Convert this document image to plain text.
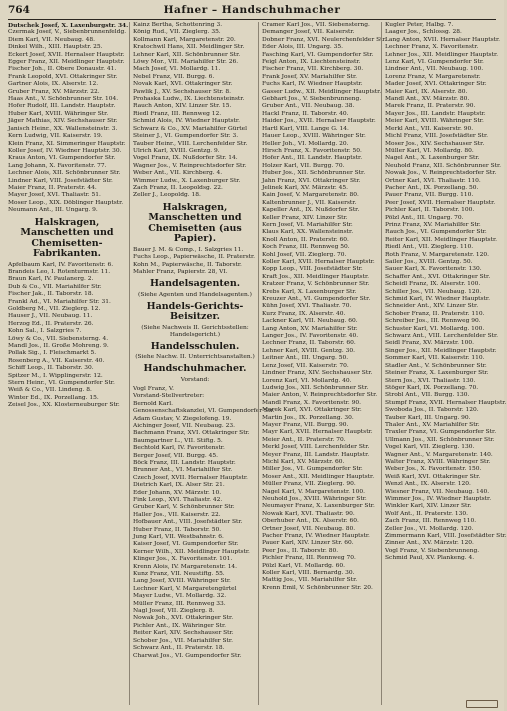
764	Hafner – Handschuhmacher
Dutschek Josef, X. Laxenburgstr. 34.
Czermak Josef, V., Siebenbrunnenfeldg.
Diem Karl, VII. Neubaug. 48.
Dinkel Wilh., XIII. Hauptstr. 25.
Eckert Josef, XVII. Hernalser Hauptstr.
Egger Franz, XII. Meidlinger Hauptstr.
Fischer Joh., II. Obere Donaustr. 41.
Frank Leopold, XVI. Ottakringer Str.
Gartner Alois, IX. Alserstr. 12.
Gruber Franz, XV. Märzstr. 22.
Haas Ant., V. Schönbrunner Str. 104.
Hofer Rudolf, III. Landstr. Hauptstr.
Huber Karl, XVIII. Währinger Str.
Jäger Mathias, XIV. Sechshauser Str.
Janisch Heinr., XX. Wallensteinstr. 3.
Kern Ludwig, VII. Kaiserstr. 19.
Klein Franz, XI. Simmeringer Hauptstr.
Koller Josef, IV. Wiedner Hauptstr. 30.
Kraus Anton, VI. Gumpendorfer Str.
Lang Johann, X. Favoritenstr. 77.
Lechner Alois, XII. Schönbrunner Str.
Lindner Karl, VIII. Josefstädter Str.
Maier Franz, II. Praterstr. 44.
Mayer Josef, XVI. Thaliastr. 51.
Moser Leop., XIX. Döblinger Hauptstr.
Neumann Ant., III. Ungarg. 9.
Halskragen, Manschetten und Chemisetten-Fabrikanten.
Apfelbaum Karl, IV. Favoritenstr. 6.
Brandeis Leo, I. Rotenturmstr. 11.
Braun Karl, IV. Paulanerg. 2.
Dub & Co., VII. Mariahilfer Str.
Fischer Jak., II. Taborstr. 18.
Frankl Ad., VI. Mariahilfer Str. 31.
Goldberg M., VII. Zieglerg. 12.
Hauser J., VII. Neubaug. 11.
Herzog Ed., II. Praterstr. 26.
Kohn Sal., I. Salzgries 7.
Löwy & Co., VII. Siebensterng. 4.
Mandl Jos., II. Große Mohreng. 9.
Pollak Sig., I. Fleischmarkt 5.
Rosenberg A., VII. Kaiserstr. 40.
Schiff Leop., II. Taborstr. 30.
Spitzer M., I. Wipplingerstr. 12.
Stern Heinr., VI. Gumpendorfer Str.
Weiß & Co., VII. Lindeng. 8.
Winter Ed., IX. Porzellang. 15.
Zeisel Jos., XX. Klosterneuburger Str.
Kainz Bertha, Schottenring 3.
König Rud., VII. Zieglerg. 35.
Kollmann Karl, Margaretenstr. 20.
Kratochwil Hans, XII. Meidlinger Str.
Lehner Karl, XII. Schönbrunner Str.
Löwy Mor., VII. Mariahilfer Str. 26.
Mach Josef, VI. Mollardg. 11.
Nebel Franz, VII. Burgg. 6.
Novak Karl, XVI. Ottakringer Str.
Pawlik J., XV. Sechshauser Str. 8.
Prohaska Ludw., IX. Liechtensteinstr.
Rauch Anton, XIV. Linzer Str. 15.
Riedl Franz, III. Rennweg 12.
Schmid Alois, IV. Wiedner Hauptstr.
Schwarz & Co., XV. Mariahilfer Gürtel
Steiner J., VI. Gumpendorfer Str. 3.
Tauber Heinr., VIII. Lerchenfelder Str.
Ulrich Karl, XVIII. Gentzg. 9.
Vogel Franz, IX. Nußdorfer Str. 14.
Wagner Jos., V. Reinprechtsdorfer Str.
Weber Ant., VII. Kirchberg. 4.
Wimmer Ludw., X. Laxenburger Str.
Zach Franz, II. Leopoldsg. 22.
Zeller J., Leopoldg. 18.
Halskragen, Manschetten und Chemisetten (aus Papier).
Bauer J. M. & Comp., I. Salzgries 11.
Fuchs Leop., Papierwäsche, II. Praterstr.
Kohn M., Papierwäsche, II. Taborstr.
Mahler Franz, Papierstr. 28, VI.
Handelsagenten.
(Siehe Agenten und Handelsagenten.)
Handels-Gerichts-Beisitzer.
(Siehe Nachweis II. Gerichtsstellen: Handelsgericht.)
Handelsschulen.
(Siehe Nachw. II. Unterrichtsanstalten.)
Handschuhmacher.
Vorstand:
Vogl Franz, V.
Vorstand-Stellvertreter:
Bernold Karl.
Genossenschaftskanzlei, VI. Gumpendorfer Str.
Adam Gustav, V. Ziegelofeng. 19.
Aichinger Josef, VII. Neubaug. 23.
Bachmann Franz, XVI. Ottakringer Str.
Baumgartner L., VII. Stiftg. 5.
Bechtold Karl, IV. Favoritenstr.
Berger Josef, VII. Burgg. 45.
Böck Franz, III. Landstr. Hauptstr.
Brunner Ant., VI. Mariahilfer Str.
Czech Josef, XVII. Hernalser Hauptstr.
Dietrich Karl, IX. Alser Str. 21.
Eder Johann, XV. Märzstr. 10.
Fink Leop., XVI. Thaliastr. 42.
Gruber Karl, V. Schönbrunner Str.
Haller Jos., VII. Kaiserstr. 22.
Hofbauer Ant., VIII. Josefstädter Str.
Huber Franz, II. Taborstr. 50.
Jung Karl, VII. Westbahnstr. 6.
Kaiser Josef, VI. Gumpendorfer Str.
Kerner Wilh., XII. Meidlinger Hauptstr.
Klinger Jos., X. Favoritenstr. 101.
Krenn Alois, IV. Margaretenstr. 14.
Kunz Franz, VII. Neustiftg. 55.
Lang Josef, XVIII. Währinger Str.
Lechner Karl, V. Margaretengürtel
Mayer Ludw., VI. Mollardg. 32.
Müller Franz, III. Rennweg 33.
Nagl Josef, VII. Zieglerg. 8.
Nowak Joh., XVI. Ottakringer Str.
Pichler Ant., IX. Währinger Str.
Reiter Karl, XIV. Sechshauser Str.
Schober Jos., VII. Mariahilfer Str.
Schwarz Ant., II. Praterstr. 18.
Charwat Jos., VI. Gumpendorfer Str.
Cramer Karl Jos., VII. Siebensterng.
Demanger Josef, VII. Kaiserstr.
Dobner Franz, XVI. Neulerchenfelder Str.
Eder Alois, III. Ungarg. 35.
Fasching Karl, VI. Gumpendorfer Str.
Feigl Anton, IX. Liechtensteinstr.
Fischer Franz, VII. Kirchberg. 30.
Frank Josef, XV. Mariahilfer Str.
Fuchs Karl, IV. Wiedner Hauptstr.
Gasser Ludw., XII. Meidlinger Hauptstr.
Gebhart Jos., V. Siebenbrunneng.
Gruber Ant., VII. Neubaug. 38.
Hackl Franz, II. Taborstr. 40.
Haider Jos., XVII. Hernalser Hauptstr.
Hartl Karl, VIII. Lange G. 14.
Hauer Leop., XVIII. Währinger Str.
Heller Joh., VI. Mollardg. 20.
Hirsch Franz, X. Favoritenstr. 50.
Hofer Ant., III. Landstr. Hauptstr.
Holzer Karl, VII. Burgg. 70.
Huber Jos., XII. Schönbrunner Str.
Jahn Franz, XVI. Ottakringer Str.
Jelinek Karl, XV. Märzstr. 45.
Kain Josef, V. Margaretenstr. 80.
Kaltenbrunner J., VII. Kaiserstr.
Kapeller Ant., IX. Nußdorfer Str.
Keller Franz, XIV. Linzer Str.
Kern Josef, VI. Mariahilfer Str.
Klaus Karl, XX. Wallensteinstr.
Knoll Anton, II. Praterstr. 60.
Koch Franz, III. Rennweg 50.
Kohl Josef, VII. Zieglerg. 70.
Koller Karl, XVII. Hernalser Hauptstr.
Kopp Leop., VIII. Josefstädter Str.
Kraft Jos., XII. Meidlinger Hauptstr.
Kratzer Franz, V. Schönbrunner Str.
Krebs Karl, X. Laxenburger Str.
Kreuzer Ant., VI. Gumpendorfer Str.
Kühn Josef, XVI. Thaliastr. 70.
Kurz Franz, IX. Alserstr. 40.
Lackner Karl, VII. Neubaug. 60.
Lang Anton, XV. Mariahilfer Str.
Langer Jos., IV. Favoritenstr. 40.
Lechner Franz, II. Taborstr. 60.
Lehner Karl, XVIII. Gentzg. 30.
Leitner Ant., III. Ungarg. 50.
Lenz Josef, VII. Kaiserstr. 70.
Lindner Franz, XIV. Sechshauser Str.
Lorenz Karl, VI. Mollardg. 40.
Ludwig Jos., XII. Schönbrunner Str.
Maier Anton, V. Reinprechtsdorfer Str.
Mandl Franz, X. Favoritenstr. 90.
Marek Karl, XVI. Ottakringer Str.
Martin Jos., IX. Porzellang. 30.
Mayer Franz, VII. Burgg. 90.
Mayr Karl, XVII. Hernalser Hauptstr.
Meier Ant., II. Praterstr. 70.
Merkl Josef, VIII. Lerchenfelder Str.
Meyer Franz, III. Landstr. Hauptstr.
Michl Karl, XV. Märzstr. 60.
Miller Jos., VI. Gumpendorfer Str.
Moser Ant., XII. Meidlinger Hauptstr.
Müller Franz, VII. Zieglerg. 90.
Nagel Karl, V. Margaretenstr. 100.
Neuhold Jos., XVIII. Währinger Str.
Neumayer Franz, X. Laxenburger Str.
Nowak Karl, XVI. Thaliastr. 90.
Oberhuber Ant., IX. Alserstr. 60.
Ortner Josef, VII. Neubaug. 80.
Pacher Franz, IV. Wiedner Hauptstr.
Pauer Karl, XIV. Linzer Str. 60.
Peer Jos., II. Taborstr. 80.
Pichler Franz, III. Rennweg 70.
Pölzl Karl, VI. Mollardg. 60.
Koller Karl, VIII. Bernardg. 30.
Mattig Jos., VII. Mariahilfer Str.
Krenn Emil, V. Schönbrunner Str. 20.
Kugler Peter, Halbg. 7.
Laager Jos., Schlossg. 28.
Lang Anton, XVII. Hernalser Hauptstr.
Lechner Franz, X. Favoritenstr.
Lehner Jos., XII. Meidlinger Hauptstr.
Lenz Karl, VI. Gumpendorfer Str.
Lindner Ant., VII. Neubaug. 100.
Lorenz Franz, V. Margaretenstr.
Mader Josef, XVI. Ottakringer Str.
Maier Karl, IX. Alserstr. 80.
Mandl Ant., XV. Märzstr. 80.
Marek Franz, II. Praterstr. 90.
Mayer Jos., III. Landstr. Hauptstr.
Meier Karl, XVIII. Währinger Str.
Merkl Ant., VII. Kaiserstr. 90.
Michl Franz, VIII. Josefstädter Str.
Moser Jos., XIV. Sechshauser Str.
Müller Karl, VI. Mollardg. 80.
Nagel Ant., X. Laxenburger Str.
Neuhold Franz, XII. Schönbrunner Str.
Nowak Jos., V. Reinprechtsdorfer Str.
Ortner Karl, XVI. Thaliastr. 110.
Pacher Ant., IX. Porzellang. 50.
Pauer Franz, VII. Burgg. 110.
Peer Josef, XVII. Hernalser Hauptstr.
Pichler Karl, II. Taborstr. 100.
Pölzl Ant., III. Ungarg. 70.
Prinz Franz, XV. Mariahilfer Str.
Rauch Jos., VI. Gumpendorfer Str.
Reiter Karl, XII. Meidlinger Hauptstr.
Riedl Ant., VII. Zieglerg. 110.
Roth Franz, V. Margaretenstr. 120.
Sailer Jos., XVIII. Gentzg. 50.
Sauer Karl, X. Favoritenstr. 130.
Schaffer Ant., XVI. Ottakringer Str.
Scheidl Franz, IX. Alserstr. 100.
Schiller Jos., VII. Neubaug. 120.
Schmid Karl, IV. Wiedner Hauptstr.
Schneider Ant., XIV. Linzer Str.
Schober Franz, II. Praterstr. 110.
Schreiber Jos., III. Rennweg 90.
Schuster Karl, VI. Mollardg. 100.
Schwarz Ant., VIII. Lerchenfelder Str.
Seidl Franz, XV. Märzstr. 100.
Singer Jos., XII. Meidlinger Hauptstr.
Sommer Karl, VII. Kaiserstr. 110.
Stadler Ant., V. Schönbrunner Str.
Steiner Franz, X. Laxenburger Str.
Stern Jos., XVI. Thaliastr. 130.
Stöger Karl, IX. Porzellang. 70.
Strobl Ant., VII. Burgg. 130.
Stumpf Franz, XVII. Hernalser Hauptstr.
Swoboda Jos., II. Taborstr. 120.
Tauber Karl, III. Ungarg. 90.
Thaler Ant., XV. Mariahilfer Str.
Traxler Franz, VI. Gumpendorfer Str.
Ullmann Jos., XII. Schönbrunner Str.
Vogel Karl, VII. Zieglerg. 130.
Wagner Ant., V. Margaretenstr. 140.
Walter Franz, XVIII. Währinger Str.
Weber Jos., X. Favoritenstr. 150.
Weiß Karl, XVI. Ottakringer Str.
Wenzl Ant., IX. Alserstr. 120.
Wiesner Franz, VII. Neubaug. 140.
Wimmer Jos., IV. Wiedner Hauptstr.
Winkler Karl, XIV. Linzer Str.
Wolf Ant., II. Praterstr. 130.
Zach Franz, III. Rennweg 110.
Zeller Jos., VI. Mollardg. 120.
Zimmermann Karl, VIII. Josefstädter Str.
Zinner Ant., XV. Märzstr. 120.
Vogl Franz, V. Siebenbrunneng.
Schmid Paul, XV. Plankeng. 4.
